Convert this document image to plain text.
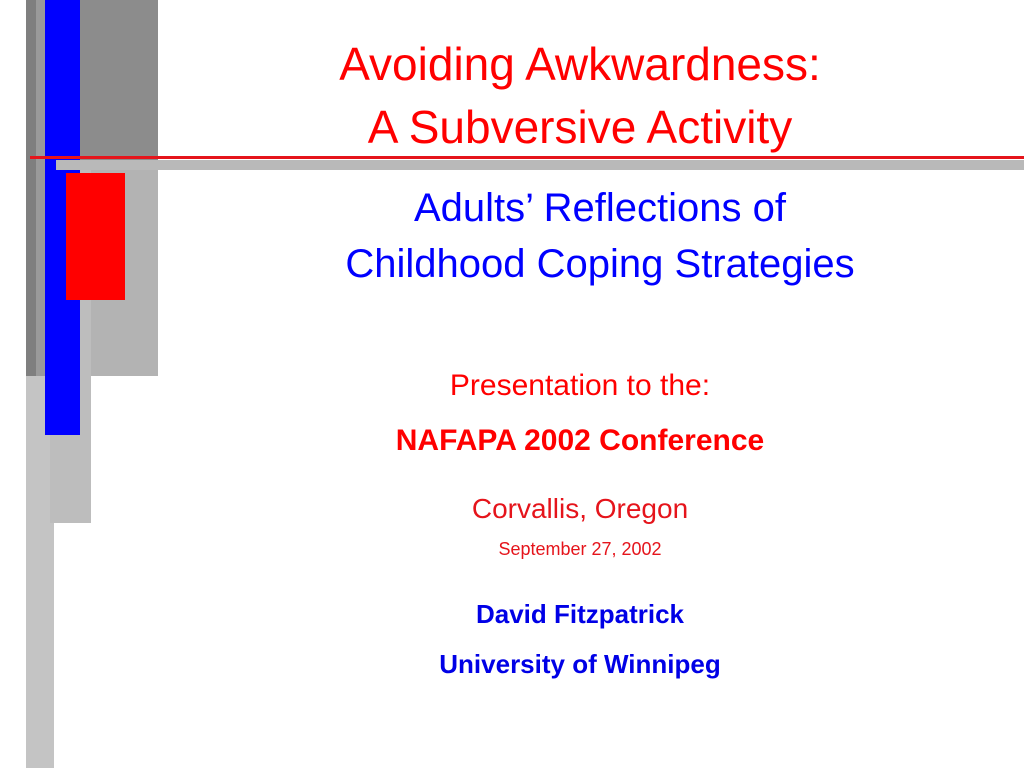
Avoiding Awkwardness:
A Subversive Activity

Adults’ Reflections of

Childhood Coping Strategies

Presentation to the:

NAFAPA 2002 Conference

Corvallis, Oregon

September 27, 2002

David Fitzpatrick

University of Winnipeg
